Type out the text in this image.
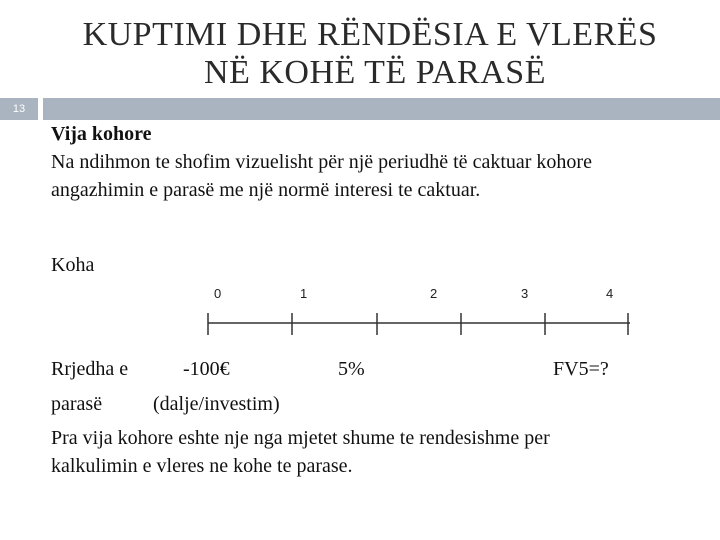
KUPTIMI DHE RËNDËSIA E VLERËS
NË KOHË TË PARASË
13
Vija kohore
Na ndihmon te shofim vizuelisht për një periudhë të caktuar kohore
angazhimin e parasë me një normë interesi te caktuar.
Koha
0	1	2	3	4
Rrjedha e	-100€	5%	FV5=?
parasë	(dalje/investim)
Pra vija kohore eshte nje nga mjetet shume te rendesishme per
kalkulimin e vleres ne kohe te parase.
